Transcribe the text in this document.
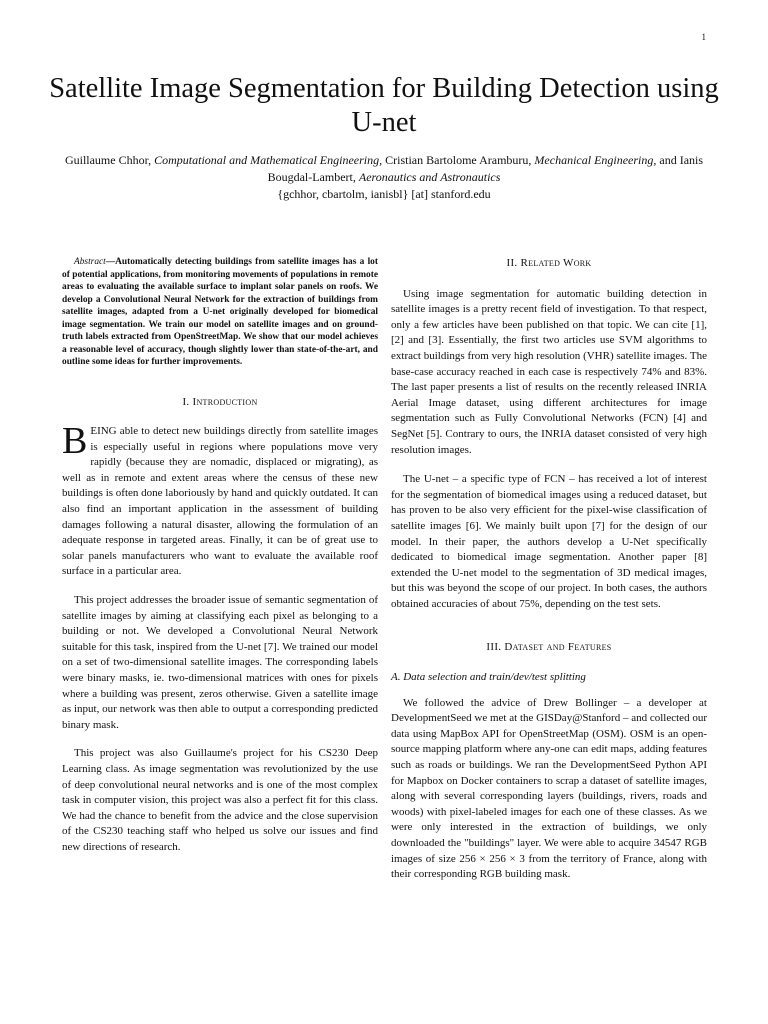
1
Satellite Image Segmentation for Building Detection using U-net
Guillaume Chhor, Computational and Mathematical Engineering, Cristian Bartolome Aramburu, Mechanical Engineering, and Ianis Bougdal-Lambert, Aeronautics and Astronautics
{gchhor, cbartolm, ianisbl} [at] stanford.edu

Abstract—Automatically detecting buildings from satellite images has a lot of potential applications, from monitoring movements of populations in remote areas to evaluating the available surface to implant solar panels on roofs. We develop a Convolutional Neural Network for the extraction of buildings from satellite images, adapted from a U-net originally developed for biomedical image segmentation. We train our model on satellite images and on ground-truth labels extracted from OpenStreetMap. We show that our model achieves a reasonable level of accuracy, though slightly lower than state-of-the-art, and outline some ideas for further improvements.

I. Introduction

BEING able to detect new buildings directly from satellite images is especially useful in regions where populations move very rapidly (because they are nomadic, displaced or migrating), as well as in remote and extent areas where the census of these new buildings is often done laboriously by hand and quickly outdated. It can also find an important application in the assessment of building damages following a natural disaster, allowing the formulation of an adequate response in targeted areas. Finally, it can be of great use to solar panels manufacturers who want to evaluate the available roof surface in a particular area.

This project addresses the broader issue of semantic segmentation of satellite images by aiming at classifying each pixel as belonging to a building or not. We developed a Convolutional Neural Network suitable for this task, inspired from the U-net [7]. We trained our model on a set of two-dimensional satellite images. The corresponding labels were binary masks, ie. two-dimensional matrices with ones for pixels where a building was present, zeros otherwise. Given a satellite image as input, our network was then able to output a corresponding predicted binary mask.

This project was also Guillaume's project for his CS230 Deep Learning class. As image segmentation was revolutionized by the use of deep convolutional neural networks and is one of the most complex task in computer vision, this project was also a perfect fit for this class. We had the chance to benefit from the advice and the close supervision of the CS230 teaching staff who helped us solve our issues and find new directions of research.

II. Related Work

Using image segmentation for automatic building detection in satellite images is a pretty recent field of investigation. To that respect, only a few articles have been published on that topic. We can cite [1], [2] and [3]. Essentially, the first two articles use SVM algorithms to extract buildings from very high resolution (VHR) satellite images. The base-case accuracy reached in each case is respectively 74% and 83%. The last paper presents a list of results on the recently released INRIA Aerial Image dataset, using different architectures for image segmentation such as Fully Convolutional Networks (FCN) [4] and SegNet [5]. Contrary to ours, the INRIA dataset consisted of very high resolution images.

The U-net – a specific type of FCN – has received a lot of interest for the segmentation of biomedical images using a reduced dataset, but has proven to be also very efficient for the pixel-wise classification of satellite images [6]. We mainly built upon [7] for the design of our model. In their paper, the authors develop a U-Net specifically dedicated to biomedical image segmentation. Another paper [8] extended the U-net model to the segmentation of 3D medical images, but this was beyond the scope of our project. In both cases, the authors obtained accuracies of about 75%, depending on the test sets.

III. Dataset and Features
A. Data selection and train/dev/test splitting

We followed the advice of Drew Bollinger – a developer at DevelopmentSeed we met at the GISDay@Stanford – and collected our data using MapBox API for OpenStreetMap (OSM). OSM is an open-source mapping platform where any-one can edit maps, adding features such as roads or buildings. We ran the DevelopmentSeed Python API for Mapbox on Docker containers to scrap a dataset of satellite images, along with several corresponding layers (buildings, rivers, roads and woods) with pixel-labeled images for each one of these classes. As we were only interested in the extraction of buildings, we only downloaded the "buildings" layer. We were able to acquire 34547 RGB images of size 256 × 256 × 3 from the territory of France, along with their corresponding RGB building mask.
